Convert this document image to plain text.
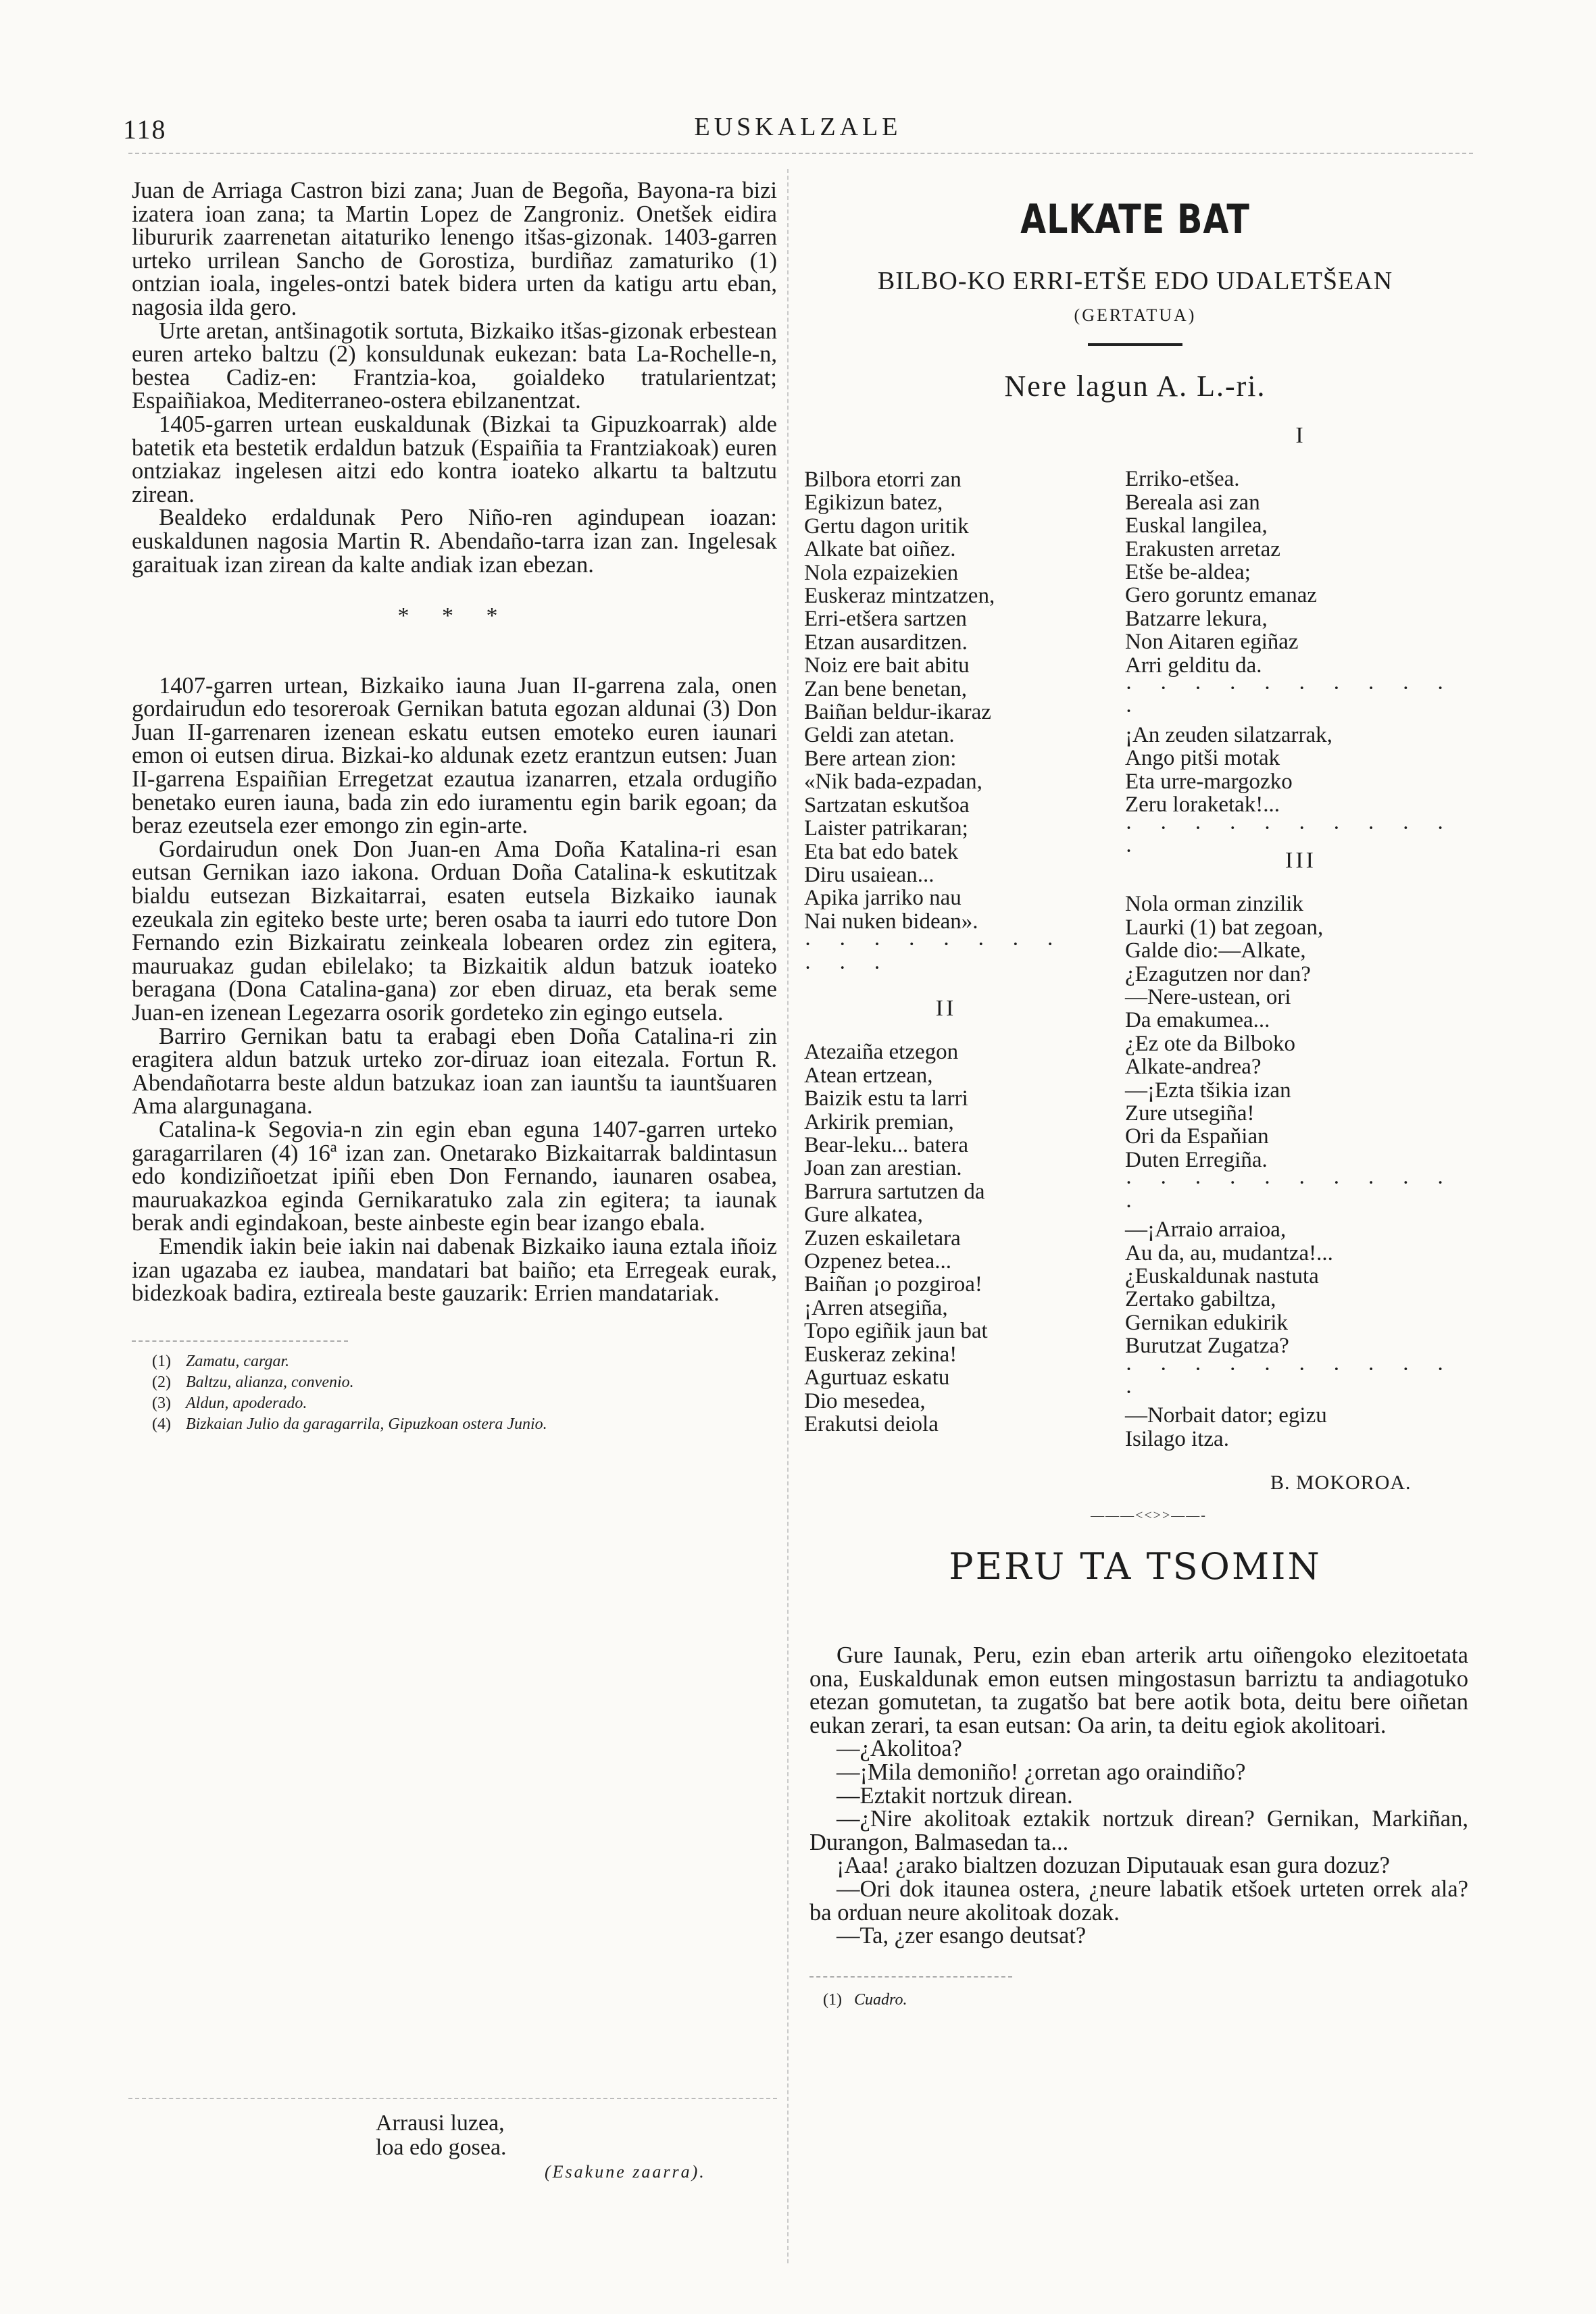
118	EUSKALZALE

Juan de Arriaga Castron bizi zana; Juan de Begoña, Bayona-ra bizi izatera ioan zana; ta Martin Lopez de Zangroniz. Onetšek eidira libururik zaarrenetan aitaturiko lenengo itšas-gizonak. 1403-garren urteko urrilean Sancho de Gorostiza, burdiñaz zamaturiko (1) ontzian ioala, ingeles-ontzi batek bidera urten da katigu artu eban, nagosia ilda gero.

Urte aretan, antšinagotik sortuta, Bizkaiko itšas-gizonak erbestean euren arteko baltzu (2) konsuldunak eukezan: bata La-Rochelle-n, bestea Cadiz-en: Frantzia-koa, goialdeko tratularientzat; Espaiñiakoa, Mediterraneo-ostera ebilzanentzat.

1405-garren urtean euskaldunak (Bizkai ta Gipuzkoarrak) alde batetik eta bestetik erdaldun batzuk (Espaiñia ta Frantziakoak) euren ontziakaz ingelesen aitzi edo kontra ioateko alkartu ta baltzutu zirean.

Bealdeko erdaldunak Pero Niño-ren agindupean ioazan: euskaldunen nagosia Martin R. Abendaño-tarra izan zan. Ingelesak garaituak izan zirean da kalte andiak izan ebezan.

* * *

1407-garren urtean, Bizkaiko iauna Juan II-garrena zala, onen gordairudun edo tesoreroak Gernikan batuta egozan aldunai (3) Don Juan II-garrenaren izenean eskatu eutsen emoteko euren iaunari emon oi eutsen dirua. Bizkai-ko aldunak ezetz erantzun eutsen: Juan II-garrena Espaiñian Erregetzat ezautua izanarren, etzala ordugiño benetako euren iauna, bada zin edo iuramentu egin barik egoan; da beraz ezeutsela ezer emongo zin egin-arte.

Gordairudun onek Don Juan-en Ama Doña Katalina-ri esan eutsan Gernikan iazo iakona. Orduan Doña Catalina-k eskutitzak bialdu eutsezan Bizkaitarrai, esaten eutsela Bizkaiko iaunak ezeukala zin egiteko beste urte; beren osaba ta iaurri edo tutore Don Fernando ezin Bizkairatu zeinkeala lobearen ordez zin egitera, mauruakaz gudan ebilelako; ta Bizkaitik aldun batzuk ioateko beragana (Dona Catalina-gana) zor eben diruaz, eta berak seme Juan-en izenean Legezarra osorik gordeteko zin egingo eutsela.

Barriro Gernikan batu ta erabagi eben Doña Catalina-ri zin eragitera aldun batzuk urteko zor-diruaz ioan eitezala. Fortun R. Abendañotarra beste aldun batzukaz ioan zan iauntšu ta iauntšuaren Ama alargunagana.

Catalina-k Segovia-n zin egin eban eguna 1407-garren urteko garagarrilaren (4) 16ª izan zan. Onetarako Bizkaitarrak baldintasun edo kondiziñoetzat ipiñi eben Don Fernando, iaunaren osabea, mauruakazkoa eginda Gernikaratuko zala zin egitera; ta iaunak berak andi egindakoan, beste ainbeste egin bear izango ebala.

Emendik iakin beie iakin nai dabenak Bizkaiko iauna eztala iñoiz izan ugazaba ez iaubea, mandatari bat baiño; eta Erregeak eurak, bidezkoak badira, eztirealа beste gauzarik: Errien mandatariak.

(1) Zamatu, cargar.
(2) Baltzu, alianza, convenio.
(3) Aldun, apoderado.
(4) Bizkaian Julio da garagarrila, Gipuzkoan ostera Junio.
Arrausi luzea,
loa edo gosea.
(Esakune zaarra).
ALKATE BAT
BILBO-KO ERRI-ETŠE EDO UDALETŠEAN
(GERTATUA)
Nere lagun A. L.-ri.
Bilbora etorri zan
Egikizun batez,
Gertu dagon uritik
Alkate bat oiñez.
Nola ezpaizekien
Euskeraz mintzatzen,
Erri-etšera sartzen
Etzan ausarditzen.
Noiz ere bait abitu
Zan bene benetan,
Baiñan beldur-ikaraz
Geldi zan atetan.
Bere artean zion:
«Nik bada-ezpadan,
Sartzatan eskutšoa
Laister patrikaran;
Eta bat edo batek
Diru usaiean...
Apika jarriko nau
Nai nuken bidean».
· · · · · · · · · · ·
II
Atezaiña etzegon
Atean ertzean,
Baizik estu ta larri
Arkirik premian,
Bear-leku... batera
Joan zan arestian.
Barrura sartutzen da
Gure alkatea,
Zuzen eskailetara
Ozpenez betea...
Baiñan ¡o pozgiroa!
¡Arren atsegiña,
Topo egiñik jaun bat
Euskeraz zekina!
Agurtuaz eskatu
Dio mesedea,
Erakutsi deiola
I
Erriko-etšea.
Bereala asi zan
Euskal langilea,
Erakusten arretaz
Etše be-aldea;
Gero goruntz emanaz
Batzarre lekura,
Non Aitaren egiñaz
Arri gelditu da.
· · · · · · · · · · ·
¡An zeuden silatzarrak,
Ango pitši motak
Eta urre-margozko
Zeru loraketak!...
· · · · · · · · · · ·	III
Nola orman zinzilik
Laurki (1) bat zegoan,
Galde dio:—Alkate,
¿Ezagutzen nor dan?
—Nere-ustean, ori
Da emakumea...
¿Ez ote da Bilboko
Alkate-andrea?
—¡Ezta tšikia izan
Zure utsegiña!
Ori da Espaňian
Duten Erregiña.
· · · · · · · · · · ·
—¡Arraio arraioa,
Au da, au, mudantza!...
¿Euskaldunak nastuta
Zertako gabiltza,
Gernikan edukirik
Burutzat Zugatza?
· · · · · · · · · · ·
—Norbait dator; egizu
Isilago itza.
B. MOKOROA.
———<<>>——-
PERU TA TSOMIN

Gure Iaunak, Peru, ezin eban arterik artu oiñengoko elezitoetata ona, Euskaldunak emon eutsen mingostasun barriztu ta andiagotuko etezan gomutetan, ta zugatšo bat bere aotik bota, deitu bere oiñetan eukan zerari, ta esan eutsan: Oa arin, ta deitu egiok akolitoari.

—¿Akolitoa?

—¡Mila demoniño! ¿orretan ago oraindiño?

—Eztakit nortzuk direan.

—¿Nire akolitoak eztakik nortzuk direan? Gernikan, Markiñan, Durangon, Balmasedan ta...

¡Aaa! ¿arako bialtzen dozuzan Diputauak esan gura dozuz?

—Ori dok itaunea ostera, ¿neure labatik etšoek urteten orrek ala? ba orduan neure akolitoak dozak.

—Ta, ¿zer esango deutsat?

(1) Cuadro.
